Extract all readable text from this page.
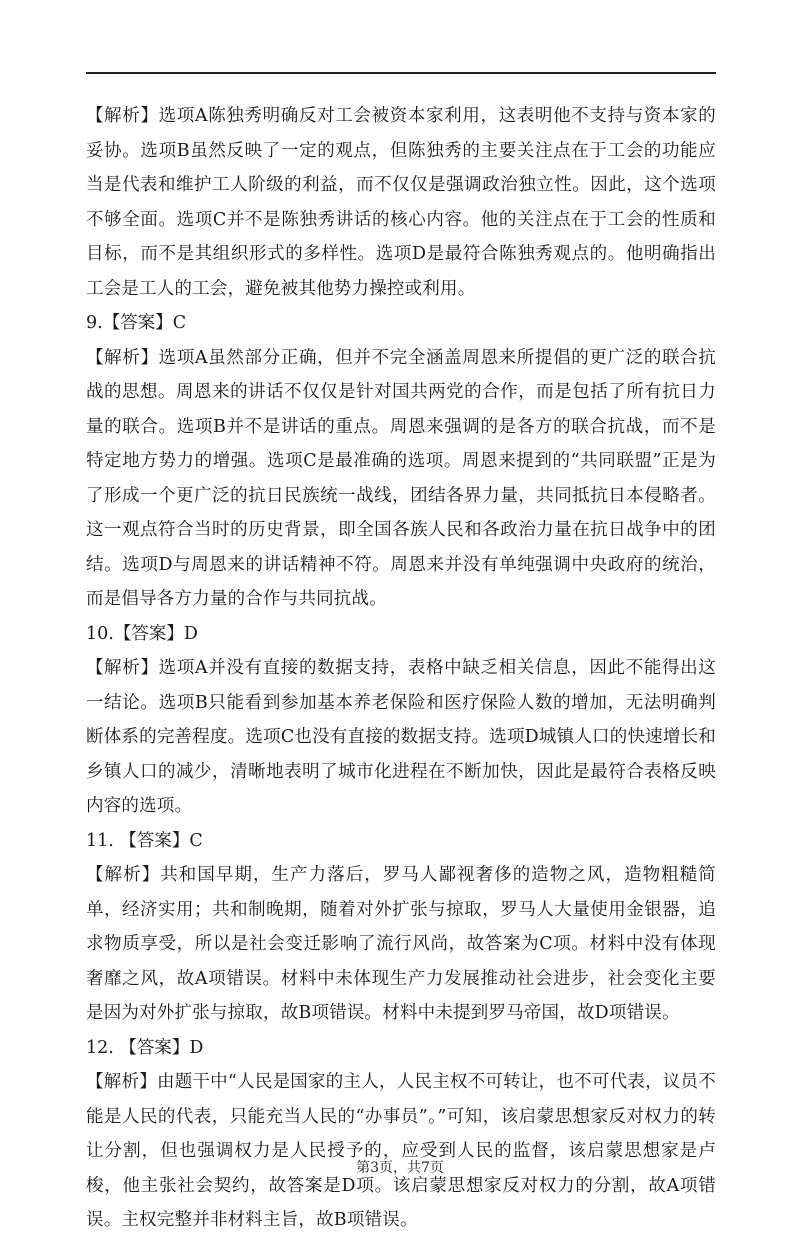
【解析】选项A陈独秀明确反对工会被资本家利用，这表明他不支持与资本家的妥协。选项B虽然反映了一定的观点，但陈独秀的主要关注点在于工会的功能应当是代表和维护工人阶级的利益，而不仅仅是强调政治独立性。因此，这个选项不够全面。选项C并不是陈独秀讲话的核心内容。他的关注点在于工会的性质和目标，而不是其组织形式的多样性。选项D是最符合陈独秀观点的。他明确指出工会是工人的工会，避免被其他势力操控或利用。

9.【答案】C

【解析】选项A虽然部分正确，但并不完全涵盖周恩来所提倡的更广泛的联合抗战的思想。周恩来的讲话不仅仅是针对国共两党的合作，而是包括了所有抗日力量的联合。选项B并不是讲话的重点。周恩来强调的是各方的联合抗战，而不是特定地方势力的增强。选项C是最准确的选项。周恩来提到的“共同联盟”正是为了形成一个更广泛的抗日民族统一战线，团结各界力量，共同抵抗日本侵略者。这一观点符合当时的历史背景，即全国各族人民和各政治力量在抗日战争中的团结。选项D与周恩来的讲话精神不符。周恩来并没有单纯强调中央政府的统治，而是倡导各方力量的合作与共同抗战。

10.【答案】D

【解析】选项A并没有直接的数据支持，表格中缺乏相关信息，因此不能得出这一结论。选项B只能看到参加基本养老保险和医疗保险人数的增加，无法明确判断体系的完善程度。选项C也没有直接的数据支持。选项D城镇人口的快速增长和乡镇人口的减少，清晰地表明了城市化进程在不断加快，因此是最符合表格反映内容的选项。

11. 【答案】C

【解析】共和国早期，生产力落后，罗马人鄙视奢侈的造物之风，造物粗糙简单，经济实用；共和制晚期，随着对外扩张与掠取，罗马人大量使用金银器，追求物质享受，所以是社会变迁影响了流行风尚，故答案为C项。材料中没有体现奢靡之风，故A项错误。材料中未体现生产力发展推动社会进步，社会变化主要是因为对外扩张与掠取，故B项错误。材料中未提到罗马帝国，故D项错误。

12. 【答案】D

【解析】由题干中“人民是国家的主人，人民主权不可转让，也不可代表，议员不能是人民的代表，只能充当人民的“办事员”。”可知，该启蒙思想家反对权力的转让分割，但也强调权力是人民授予的，应受到人民的监督，该启蒙思想家是卢梭，他主张社会契约，故答案是D项。该启蒙思想家反对权力的分割，故A项错误。主权完整并非材料主旨，故B项错误。

第3页，共7页
